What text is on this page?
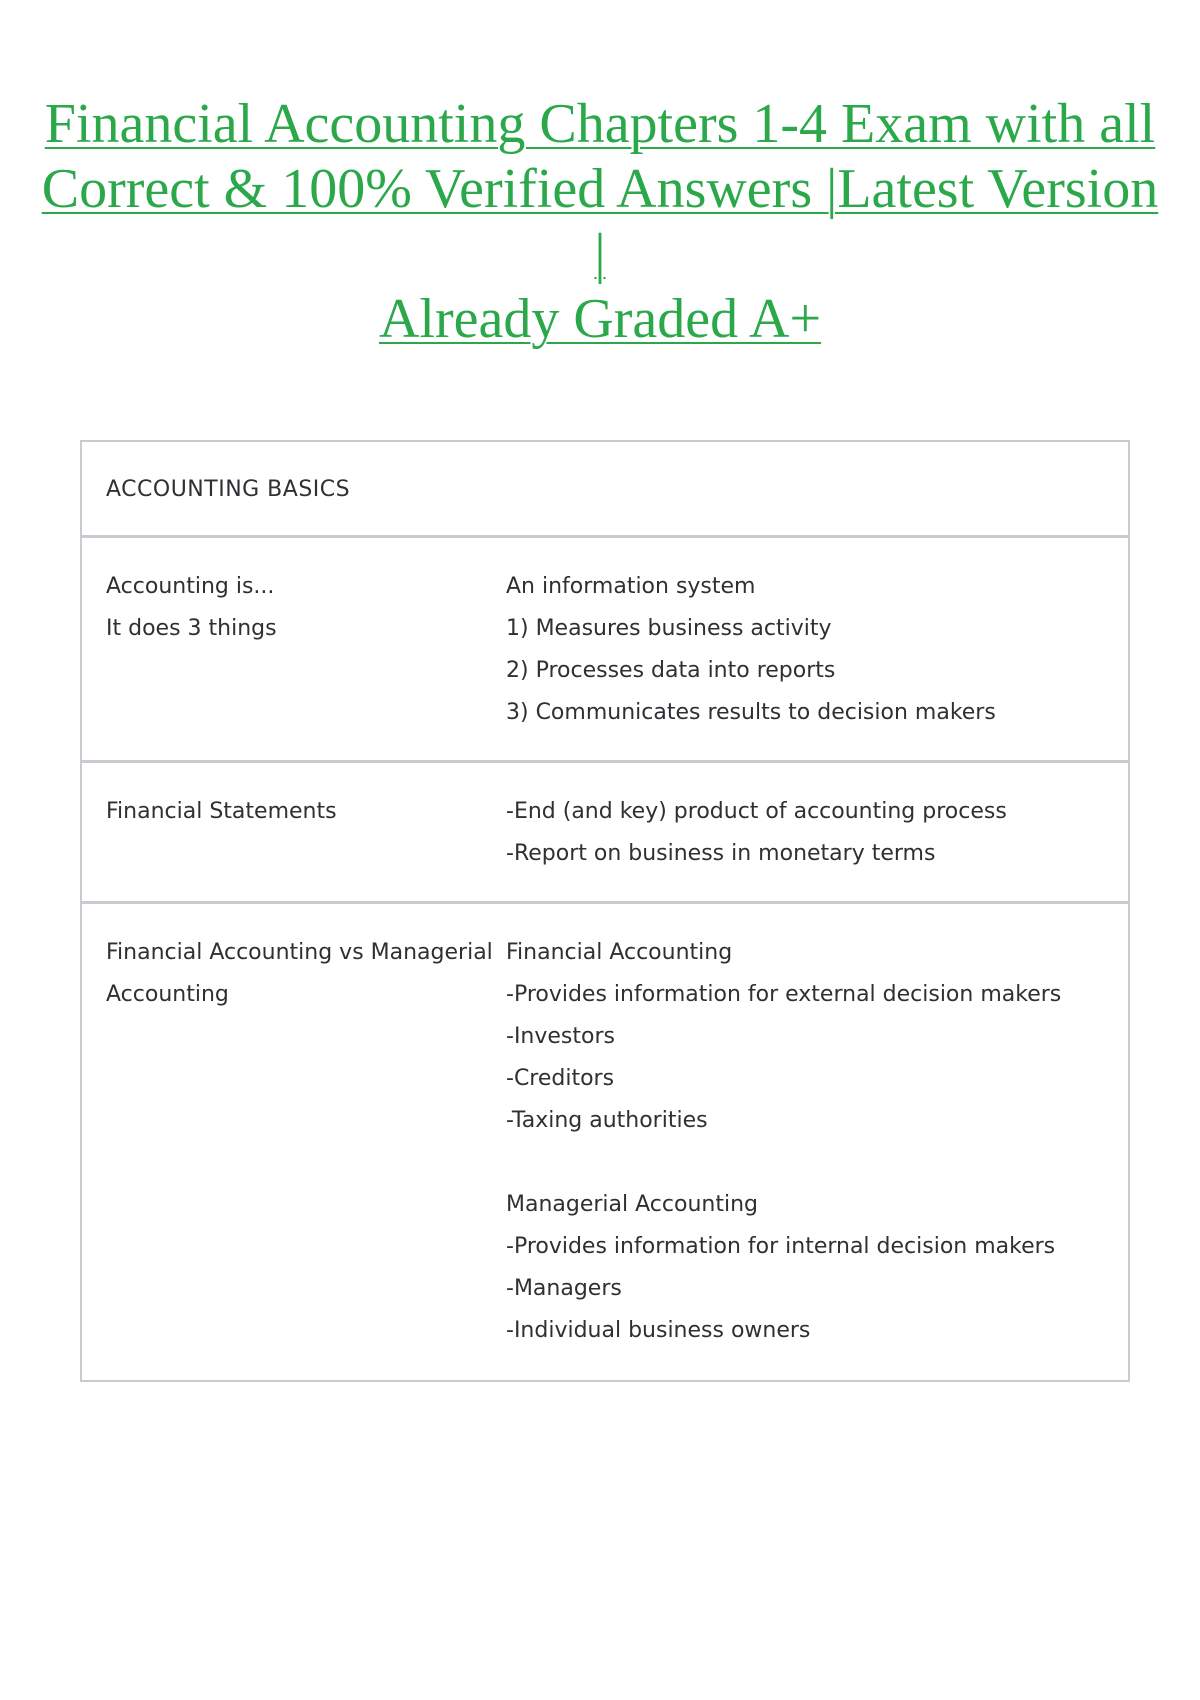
Financial Accounting Chapters 1-4 Exam with all
Correct & 100% Verified Answers |Latest Version |
Already Graded A+
ACCOUNTING BASICS
Accounting is...
It does 3 things
An information system
1) Measures business activity
2) Processes data into reports
3) Communicates results to decision makers
Financial Statements	-End (and key) product of accounting process
-Report on business in monetary terms
Financial Accounting vs Managerial
Accounting
Financial Accounting
-Provides information for external decision makers
-Investors
-Creditors
-Taxing authorities
Managerial Accounting
-Provides information for internal decision makers
-Managers
-Individual business owners
